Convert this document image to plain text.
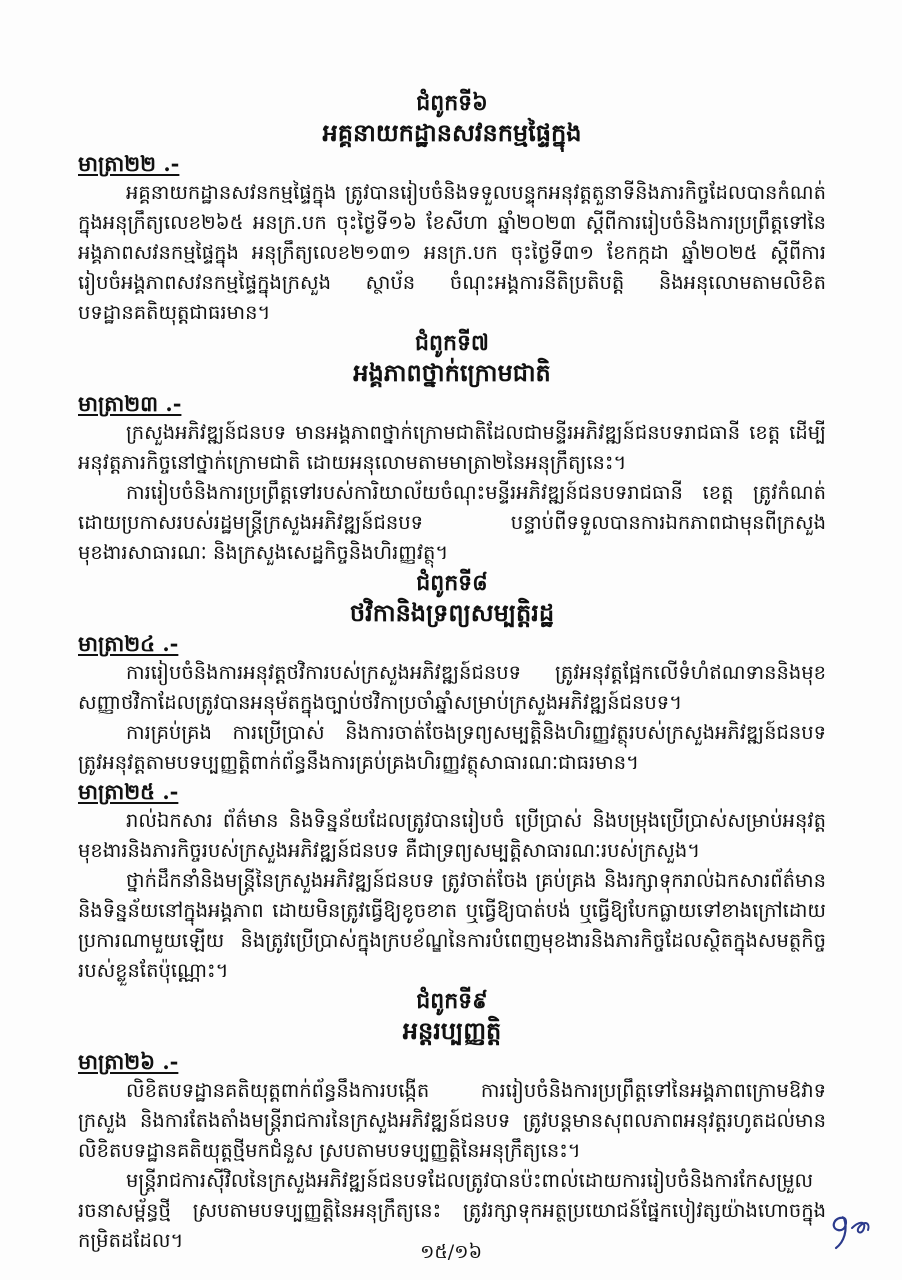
ជំពូកទី៦

អគ្គនាយកដ្ឋានសវនកម្មផ្ទៃក្នុង

មាត្រា២២ .-

អគ្គនាយកដ្ឋានសវនកម្មផ្ទៃក្នុង ត្រូវបានរៀបចំនិងទទួលបន្ទុកអនុវត្តតួនាទីនិងភារកិច្ចដែលបានកំណត់ក្នុងអនុក្រឹត្យលេខ២៦៥ អនក្រ.បក ចុះថ្ងៃទី១៦ ខែសីហា ឆ្នាំ២០២៣ ស្តីពីការរៀបចំនិងការប្រព្រឹត្តទៅនៃអង្គភាពសវនកម្មផ្ទៃក្នុង អនុក្រឹត្យលេខ២១៣១ អនក្រ.បក ចុះថ្ងៃទី៣១ ខែកក្កដា ឆ្នាំ២០២៥ ស្តីពីការរៀបចំអង្គភាពសវនកម្មផ្ទៃក្នុងក្រសួង ស្ថាប័ន ចំណុះអង្គការនីតិប្រតិបត្តិ និងអនុលោមតាមលិខិតបទដ្ឋានគតិយុត្តជាធរមាន។

ជំពូកទី៧

អង្គភាពថ្នាក់ក្រោមជាតិ

មាត្រា២៣ .-

ក្រសួងអភិវឌ្ឍន៍ជនបទ មានអង្គភាពថ្នាក់ក្រោមជាតិដែលជាមន្ទីរអភិវឌ្ឍន៍ជនបទរាជធានី ខេត្ត ដើម្បីអនុវត្តភារកិច្ចនៅថ្នាក់ក្រោមជាតិ ដោយអនុលោមតាមមាត្រា២នៃអនុក្រឹត្យនេះ។

ការរៀបចំនិងការប្រព្រឹត្តទៅរបស់ការិយាល័យចំណុះមន្ទីរអភិវឌ្ឍន៍ជនបទរាជធានី ខេត្ត ត្រូវកំណត់ដោយប្រកាសរបស់រដ្ឋមន្ត្រីក្រសួងអភិវឌ្ឍន៍ជនបទ បន្ទាប់ពីទទួលបានការឯកភាពជាមុនពីក្រសួងមុខងារសាធារណៈ និងក្រសួងសេដ្ឋកិច្ចនិងហិរញ្ញវត្ថុ។

ជំពូកទី៨

ថវិកានិងទ្រព្យសម្បត្តិរដ្ឋ

មាត្រា២៤ .-

ការរៀបចំនិងការអនុវត្តថវិការបស់ក្រសួងអភិវឌ្ឍន៍ជនបទ ត្រូវអនុវត្តផ្អែកលើទំហំឥណទាននិងមុខសញ្ញាថវិកាដែលត្រូវបានអនុម័តក្នុងច្បាប់ថវិកាប្រចាំឆ្នាំសម្រាប់ក្រសួងអភិវឌ្ឍន៍ជនបទ។

ការគ្រប់គ្រង ការប្រើប្រាស់ និងការចាត់ចែងទ្រព្យសម្បត្តិនិងហិរញ្ញវត្ថុរបស់ក្រសួងអភិវឌ្ឍន៍ជនបទ ត្រូវអនុវត្តតាមបទប្បញ្ញត្តិពាក់ព័ន្ធនឹងការគ្រប់គ្រងហិរញ្ញវត្ថុសាធារណៈជាធរមាន។

មាត្រា២៥ .-

រាល់ឯកសារ ព័ត៌មាន និងទិន្នន័យដែលត្រូវបានរៀបចំ ប្រើប្រាស់ និងបម្រុងប្រើប្រាស់សម្រាប់អនុវត្តមុខងារនិងភារកិច្ចរបស់ក្រសួងអភិវឌ្ឍន៍ជនបទ គឺជាទ្រព្យសម្បត្តិសាធារណៈរបស់ក្រសួង។

ថ្នាក់ដឹកនាំនិងមន្ត្រីនៃក្រសួងអភិវឌ្ឍន៍ជនបទ ត្រូវចាត់ចែង គ្រប់គ្រង និងរក្សាទុករាល់ឯកសារព័ត៌មាននិងទិន្នន័យនៅក្នុងអង្គភាព ដោយមិនត្រូវធ្វើឱ្យខូចខាត ឬធ្វើឱ្យបាត់បង់ ឬធ្វើឱ្យបែកធ្លាយទៅខាងក្រៅដោយប្រការណាមួយឡើយ និងត្រូវប្រើប្រាស់ក្នុងក្របខ័ណ្ឌនៃការបំពេញមុខងារនិងភារកិច្ចដែលស្ថិតក្នុងសមត្ថកិច្ចរបស់ខ្លួនតែប៉ុណ្ណោះ។

ជំពូកទី៩

អន្តរប្បញ្ញត្តិ

មាត្រា២៦ .-

លិខិតបទដ្ឋានគតិយុត្តពាក់ព័ន្ធនឹងការបង្កើត ការរៀបចំនិងការប្រព្រឹត្តទៅនៃអង្គភាពក្រោមឱវាទក្រសួង និងការតែងតាំងមន្ត្រីរាជការនៃក្រសួងអភិវឌ្ឍន៍ជនបទ ត្រូវបន្តមានសុពលភាពអនុវត្តរហូតដល់មានលិខិតបទដ្ឋានគតិយុត្តថ្មីមកជំនួស ស្របតាមបទប្បញ្ញត្តិនៃអនុក្រឹត្យនេះ។

មន្ត្រីរាជការស៊ីវិលនៃក្រសួងអភិវឌ្ឍន៍ជនបទដែលត្រូវបានប៉ះពាល់ដោយការរៀបចំនិងការកែសម្រួលរចនាសម្ព័ន្ធថ្មី ស្របតាមបទប្បញ្ញត្តិនៃអនុក្រឹត្យនេះ ត្រូវរក្សាទុកអត្ថប្រយោជន៍ផ្នែកបៀវត្សយ៉ាងហោចក្នុងកម្រិតដដែល។	១៥/១៦
